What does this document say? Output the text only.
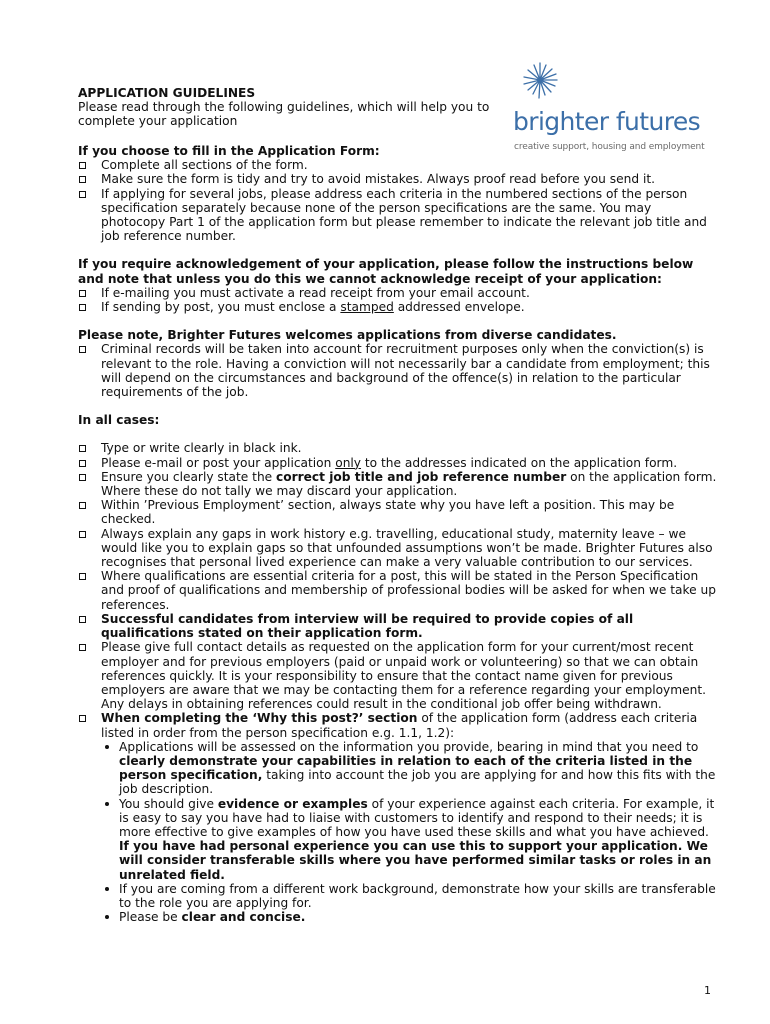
APPLICATION GUIDELINES
Please read through the following guidelines, which will help you to complete your application	brighter futures
creative support, housing and employment
If you choose to fill in the Application Form:
Complete all sections of the form.
Make sure the form is tidy and try to avoid mistakes. Always proof read before you send it.
If applying for several jobs, please address each criteria in the numbered sections of the person specification separately because none of the person specifications are the same. You may photocopy Part 1 of the application form but please remember to indicate the relevant job title and job reference number.
If you require acknowledgement of your application, please follow the instructions below and note that unless you do this we cannot acknowledge receipt of your application:
If e-mailing you must activate a read receipt from your email account.
If sending by post, you must enclose a stamped addressed envelope.
Please note, Brighter Futures welcomes applications from diverse candidates.
Criminal records will be taken into account for recruitment purposes only when the conviction(s) is relevant to the role. Having a conviction will not necessarily bar a candidate from employment; this will depend on the circumstances and background of the offence(s) in relation to the particular requirements of the job.
In all cases:
Type or write clearly in black ink.
Please e-mail or post your application only to the addresses indicated on the application form.
Ensure you clearly state the correct job title and job reference number on the application form. Where these do not tally we may discard your application.
Within ’Previous Employment’ section, always state why you have left a position. This may be checked.
Always explain any gaps in work history e.g. travelling, educational study, maternity leave – we would like you to explain gaps so that unfounded assumptions won’t be made. Brighter Futures also recognises that personal lived experience can make a very valuable contribution to our services.
Where qualifications are essential criteria for a post, this will be stated in the Person Specification and proof of qualifications and membership of professional bodies will be asked for when we take up references.
Successful candidates from interview will be required to provide copies of all qualifications stated on their application form.
Please give full contact details as requested on the application form for your current/most recent employer and for previous employers (paid or unpaid work or volunteering) so that we can obtain references quickly. It is your responsibility to ensure that the contact name given for previous employers are aware that we may be contacting them for a reference regarding your employment. Any delays in obtaining references could result in the conditional job offer being withdrawn.
When completing the ‘Why this post?’ section of the application form (address each criteria listed in order from the person specification e.g. 1.1, 1.2):
Applications will be assessed on the information you provide, bearing in mind that you need to clearly demonstrate your capabilities in relation to each of the criteria listed in the person specification, taking into account the job you are applying for and how this fits with the job description.
You should give evidence or examples of your experience against each criteria. For example, it is easy to say you have had to liaise with customers to identify and respond to their needs; it is more effective to give examples of how you have used these skills and what you have achieved. If you have had personal experience you can use this to support your application. We will consider transferable skills where you have performed similar tasks or roles in an unrelated field.
If you are coming from a different work background, demonstrate how your skills are transferable to the role you are applying for.
Please be clear and concise.
1
